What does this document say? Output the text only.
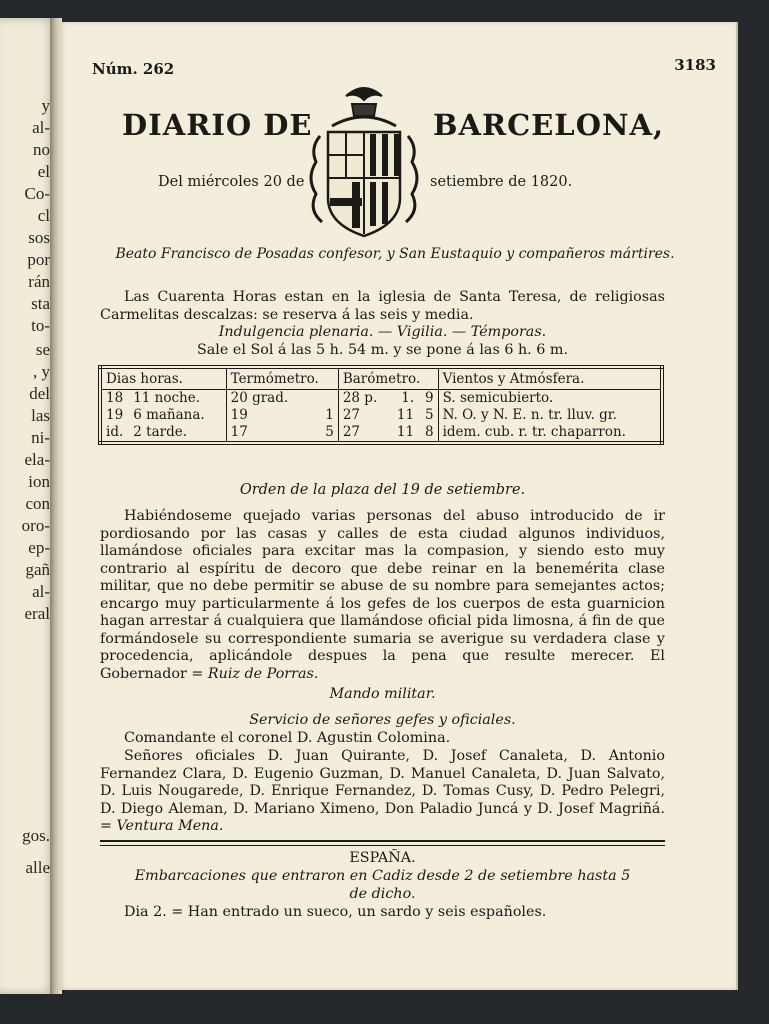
y
al-
no
el
Co-
cl
sos
por
rán
sta
to-
se
, y
del
las
ni-
ela-
ion
con
oro-
ep-
gañ
al-
eral
gos.
alle
Núm. 262	3183
DIARIO DE	BARCELONA,
Del miércoles 20 de	setiembre de 1820.
Beato Francisco de Posadas confesor, y San Eustaquio y compañeros mártires.
Las Cuarenta Horas estan en la iglesia de Santa Teresa, de religiosas Carmelitas descalzas: se reserva á las seis y media.
Indulgencia plenaria. — Vigilia. — Témporas.
Sale el Sol á las 5 h. 54 m. y se pone á las 6 h. 6 m.
Dias horas.	Termómetro.		Barómetro.			Vientos y Atmósfera.
18 11 noche.	20 grad.		28 p.	1.	9	S. semicubierto.
19 6 mañana.	19	1	27	11	5	N. O. y N. E. n. tr. lluv. gr.
id. 2 tarde.	17	5	27	11	8	idem. cub. r. tr. chaparron.
Orden de la plaza del 19 de setiembre.
Habiéndoseme quejado varias personas del abuso introducido de ir pordiosando por las casas y calles de esta ciudad algunos individuos, llamándose oficiales para excitar mas la compasion, y siendo esto muy contrario al espíritu de decoro que debe reinar en la benemérita clase militar, que no debe permitir se abuse de su nombre para semejantes actos; encargo muy particularmente á los gefes de los cuerpos de esta guarnicion hagan arrestar á cualquiera que llamándose oficial pida limosna, á fin de que formándosele su correspondiente sumaria se averigue su verdadera clase y procedencia, aplicándole despues la pena que resulte merecer. El Gobernador = Ruiz de Porras.
Mando militar.
Servicio de señores gefes y oficiales.
Comandante el coronel D. Agustin Colomina.
Señores oficiales D. Juan Quirante, D. Josef Canaleta, D. Antonio Fernandez Clara, D. Eugenio Guzman, D. Manuel Canaleta, D. Juan Salvato, D. Luis Nougarede, D. Enrique Fernandez, D. Tomas Cusy, D. Pedro Pelegri, D. Diego Aleman, D. Mariano Ximeno, Don Paladio Juncá y D. Josef Magriñá. = Ventura Mena.
ESPAÑA.
Embarcaciones que entraron en Cadiz desde 2 de setiembre hasta 5 de dicho.
Dia 2. = Han entrado un sueco, un sardo y seis españoles.
